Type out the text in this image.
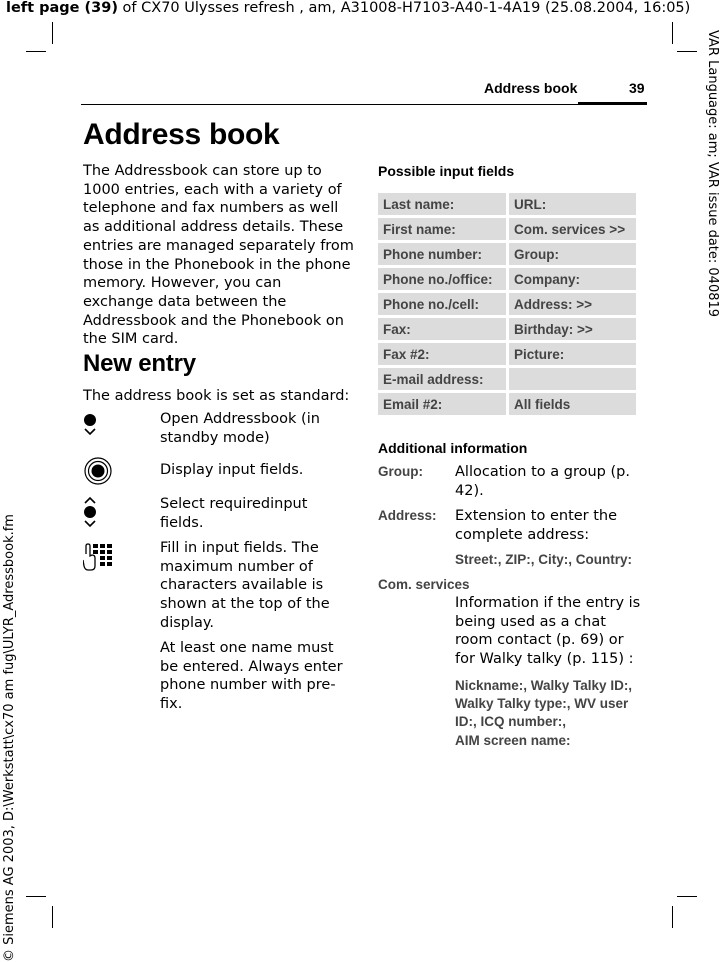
left page (39) of CX70 Ulysses refresh , am, A31008-H7103-A40-1-4A19 (25.08.2004, 16:05)
VAR Language: am; VAR issue date: 040819
© Siemens AG 2003, D:\Werkstatt\cx70 am fug\ULYR_Adressbook.fm
Address book	39
Address book
The Addressbook can store up to 1000 entries, each with a variety of telephone and fax numbers as well as additional address details. These entries are managed separately from those in the Phonebook in the phone memory. However, you can exchange data between the Addressbook and the Phonebook on the SIM card.
New entry
The address book is set as standard:
Open Addressbook (in standby mode)
Display input fields.
Select requiredinput fields.
Fill in input fields. The maximum number of characters available is shown at the top of the display.
At least one name must be entered. Always enter phone number with pre-fix.
Possible input fields
Last name:	URL:
First name:	Com. services >>
Phone number:	Group:
Phone no./office:	Company:
Phone no./cell:	Address: >>
Fax:	Birthday: >>
Fax #2:	Picture:
E-mail address:	
Email #2:	All fields
Additional information
Group: Allocation to a group (p. 42).
Address: Extension to enter the complete address:
Street:, ZIP:, City:, Country:
Com. services
Information if the entry is being used as a chat room contact (p. 69) or for Walky talky (p. 115) :
Nickname:, Walky Talky ID:,
Walky Talky type:, WV user
ID:, ICQ number:,
AIM screen name:
